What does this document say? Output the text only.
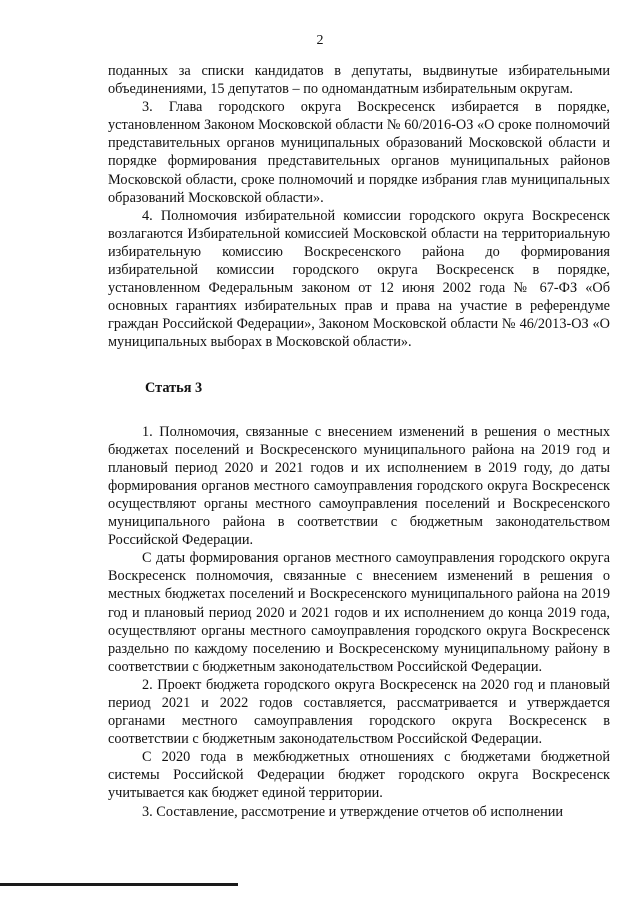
2

поданных за списки кандидатов в депутаты, выдвинутые избирательными объединениями, 15 депутатов – по одномандатным избирательным округам.

3. Глава городского округа Воскресенск избирается в порядке, установленном Законом Московской области № 60/2016-ОЗ «О сроке полномочий представительных органов муниципальных образований Московской области и порядке формирования представительных органов муниципальных районов Московской области, сроке полномочий и порядке избрания глав муниципальных образований Московской области».

4. Полномочия избирательной комиссии городского округа Воскресенск возлагаются Избирательной комиссией Московской области на территориальную избирательную комиссию Воскресенского района до формирования избирательной комиссии городского округа Воскресенск в порядке, установленном Федеральным законом от 12 июня 2002 года № 67-ФЗ «Об основных гарантиях избирательных прав и права на участие в референдуме граждан Российской Федерации», Законом Московской области № 46/2013-ОЗ «О муниципальных выборах в Московской области».

Статья 3

1. Полномочия, связанные с внесением изменений в решения о местных бюджетах поселений и Воскресенского муниципального района на 2019 год и плановый период 2020 и 2021 годов и их исполнением в 2019 году, до даты формирования органов местного самоуправления городского округа Воскресенск осуществляют органы местного самоуправления поселений и Воскресенского муниципального района в соответствии с бюджетным законодательством Российской Федерации.

С даты формирования органов местного самоуправления городского округа Воскресенск полномочия, связанные с внесением изменений в решения о местных бюджетах поселений и Воскресенского муниципального района на 2019 год и плановый период 2020 и 2021 годов и их исполнением до конца 2019 года, осуществляют органы местного самоуправления городского округа Воскресенск раздельно по каждому поселению и Воскресенскому муниципальному району в соответствии с бюджетным законодательством Российской Федерации.

2. Проект бюджета городского округа Воскресенск на 2020 год и плановый период 2021 и 2022 годов составляется, рассматривается и утверждается органами местного самоуправления городского округа Воскресенск в соответствии с бюджетным законодательством Российской Федерации.

С 2020 года в межбюджетных отношениях с бюджетами бюджетной системы Российской Федерации бюджет городского округа Воскресенск учитывается как бюджет единой территории.

3. Составление, рассмотрение и утверждение отчетов об исполнении
